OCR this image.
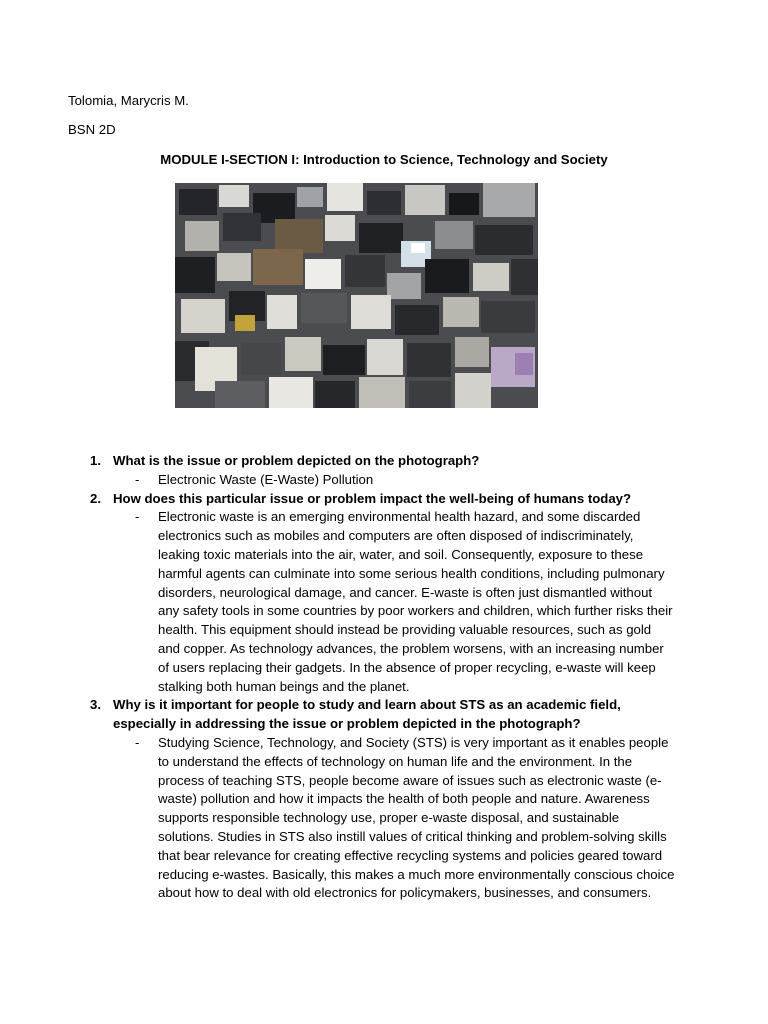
Tolomia, Marycris M.
BSN 2D
MODULE I-SECTION I: Introduction to Science, Technology and Society
1. What is the issue or problem depicted on the photograph?
- Electronic Waste (E-Waste) Pollution
2. How does this particular issue or problem impact the well-being of humans today?
- Electronic waste is an emerging environmental health hazard, and some discarded
electronics such as mobiles and computers are often disposed of indiscriminately,
leaking toxic materials into the air, water, and soil. Consequently, exposure to these
harmful agents can culminate into some serious health conditions, including pulmonary
disorders, neurological damage, and cancer. E-waste is often just dismantled without
any safety tools in some countries by poor workers and children, which further risks their
health. This equipment should instead be providing valuable resources, such as gold
and copper. As technology advances, the problem worsens, with an increasing number
of users replacing their gadgets. In the absence of proper recycling, e-waste will keep
stalking both human beings and the planet.
3. Why is it important for people to study and learn about STS as an academic field,
especially in addressing the issue or problem depicted in the photograph?
- Studying Science, Technology, and Society (STS) is very important as it enables people
to understand the effects of technology on human life and the environment. In the
process of teaching STS, people become aware of issues such as electronic waste (e-
waste) pollution and how it impacts the health of both people and nature. Awareness
supports responsible technology use, proper e-waste disposal, and sustainable
solutions. Studies in STS also instill values of critical thinking and problem-solving skills
that bear relevance for creating effective recycling systems and policies geared toward
reducing e-wastes. Basically, this makes a much more environmentally conscious choice
about how to deal with old electronics for policymakers, businesses, and consumers.
